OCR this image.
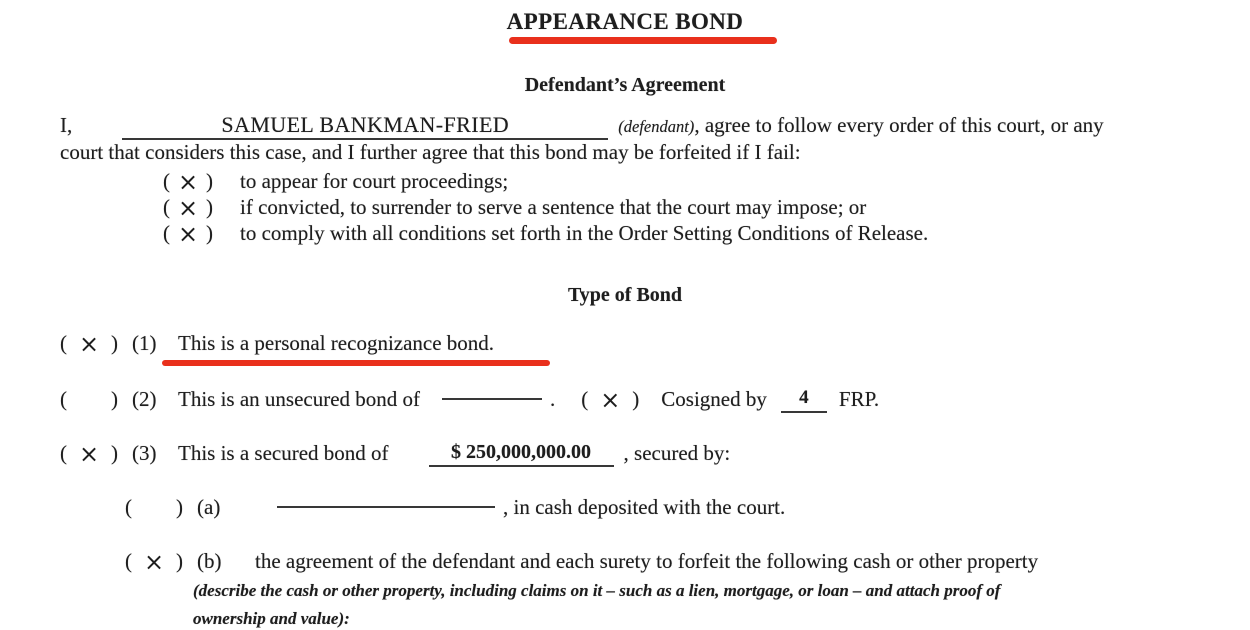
APPEARANCE BOND
Defendant’s Agreement
I,	SAMUEL BANKMAN-FRIED	(defendant), agree to follow every order of this court, or any
court that considers this case, and I further agree that this bond may be forfeited if I fail:
( × ) to appear for court proceedings;
( × ) if convicted, to surrender to serve a sentence that the court may impose; or
( × ) to comply with all conditions set forth in the Order Setting Conditions of Release.
Type of Bond
( × ) (1)	This is a personal recognizance bond.
( ) (2)	This is an unsecured bond of	. ( × ) Cosigned by	4	FRP.
( × ) (3)	This is a secured bond of	$ 250,000,000.00	, secured by:
( ) (a)	, in cash deposited with the court.
( × ) (b)	the agreement of the defendant and each surety to forfeit the following cash or other property
(describe the cash or other property, including claims on it – such as a lien, mortgage, or loan – and attach proof of
ownership and value):
